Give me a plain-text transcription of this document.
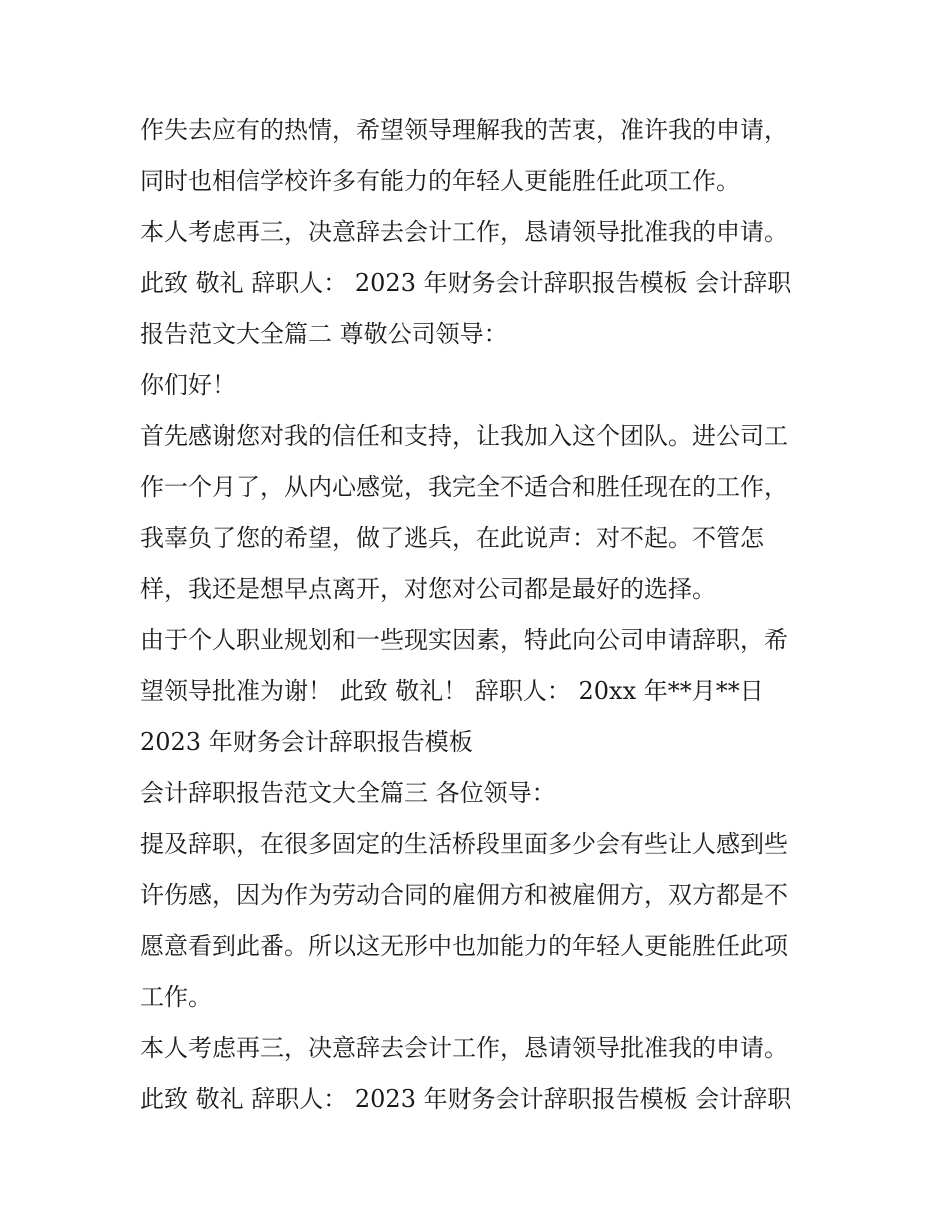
作失去应有的热情，希望领导理解我的苦衷，准许我的申请，
同时也相信学校许多有能力的年轻人更能胜任此项工作。
本人考虑再三，决意辞去会计工作，恳请领导批准我的申请。
此致 敬礼 辞职人： 2023 年财务会计辞职报告模板 会计辞职
报告范文大全篇二 尊敬公司领导：
你们好！
首先感谢您对我的信任和支持，让我加入这个团队。进公司工
作一个月了，从内心感觉，我完全不适合和胜任现在的工作，
我辜负了您的希望，做了逃兵，在此说声：对不起。不管怎
样，我还是想早点离开，对您对公司都是最好的选择。
由于个人职业规划和一些现实因素，特此向公司申请辞职，希
望领导批准为谢！ 此致 敬礼！ 辞职人： 20xx 年**月**日
2023 年财务会计辞职报告模板
会计辞职报告范文大全篇三 各位领导：
提及辞职，在很多固定的生活桥段里面多少会有些让人感到些
许伤感，因为作为劳动合同的雇佣方和被雇佣方，双方都是不
愿意看到此番。所以这无形中也加能力的年轻人更能胜任此项
工作。
本人考虑再三，决意辞去会计工作，恳请领导批准我的申请。
此致 敬礼 辞职人： 2023 年财务会计辞职报告模板 会计辞职
